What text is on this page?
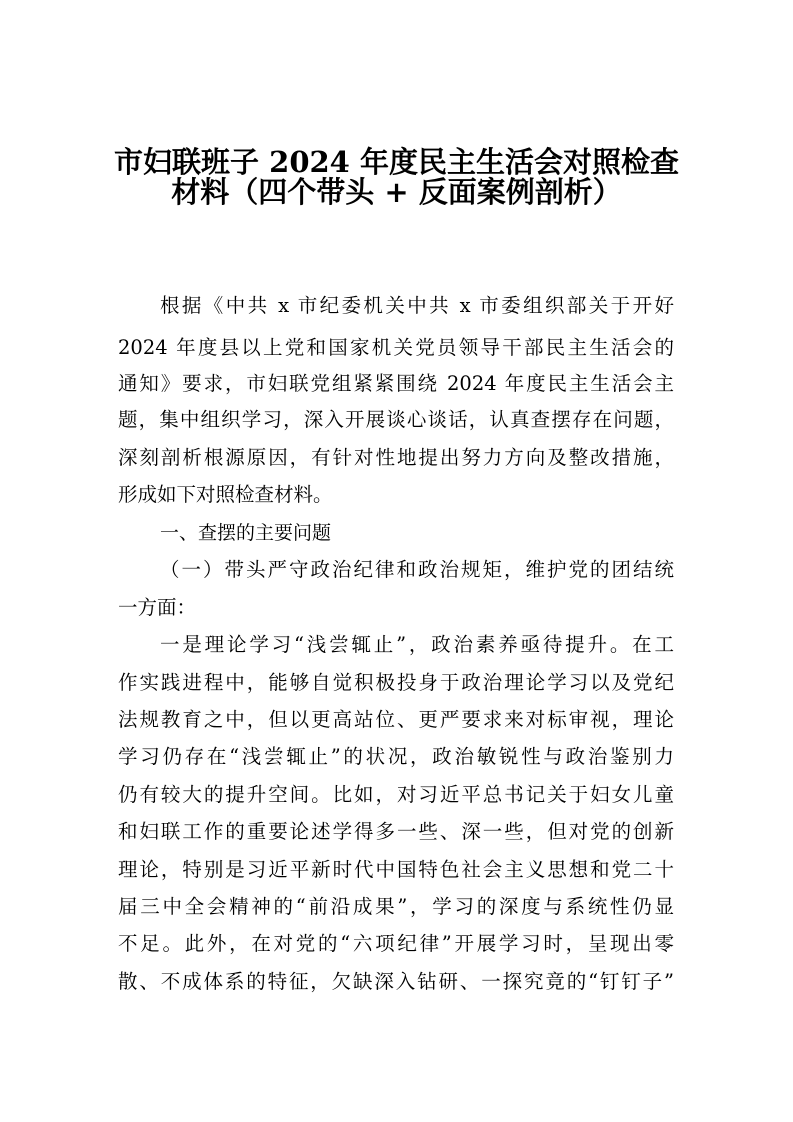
市妇联班子 2024 年度民主生活会对照检查
材料（四个带头 + 反面案例剖析）
根据《中共 x 市纪委机关中共 x 市委组织部关于开好
2024 年度县以上党和国家机关党员领导干部民主生活会的
通知》要求，市妇联党组紧紧围绕 2024 年度民主生活会主
题，集中组织学习，深入开展谈心谈话，认真查摆存在问题，
深刻剖析根源原因，有针对性地提出努力方向及整改措施，
形成如下对照检查材料。
一、查摆的主要问题
（一）带头严守政治纪律和政治规矩，维护党的团结统
一方面：
一是理论学习“浅尝辄止”，政治素养亟待提升。在工
作实践进程中，能够自觉积极投身于政治理论学习以及党纪
法规教育之中，但以更高站位、更严要求来对标审视，理论
学习仍存在“浅尝辄止”的状况，政治敏锐性与政治鉴别力
仍有较大的提升空间。比如，对习近平总书记关于妇女儿童
和妇联工作的重要论述学得多一些、深一些，但对党的创新
理论，特别是习近平新时代中国特色社会主义思想和党二十
届三中全会精神的“前沿成果”，学习的深度与系统性仍显
不足。此外，在对党的“六项纪律”开展学习时，呈现出零
散、不成体系的特征，欠缺深入钻研、一探究竟的“钉钉子”
